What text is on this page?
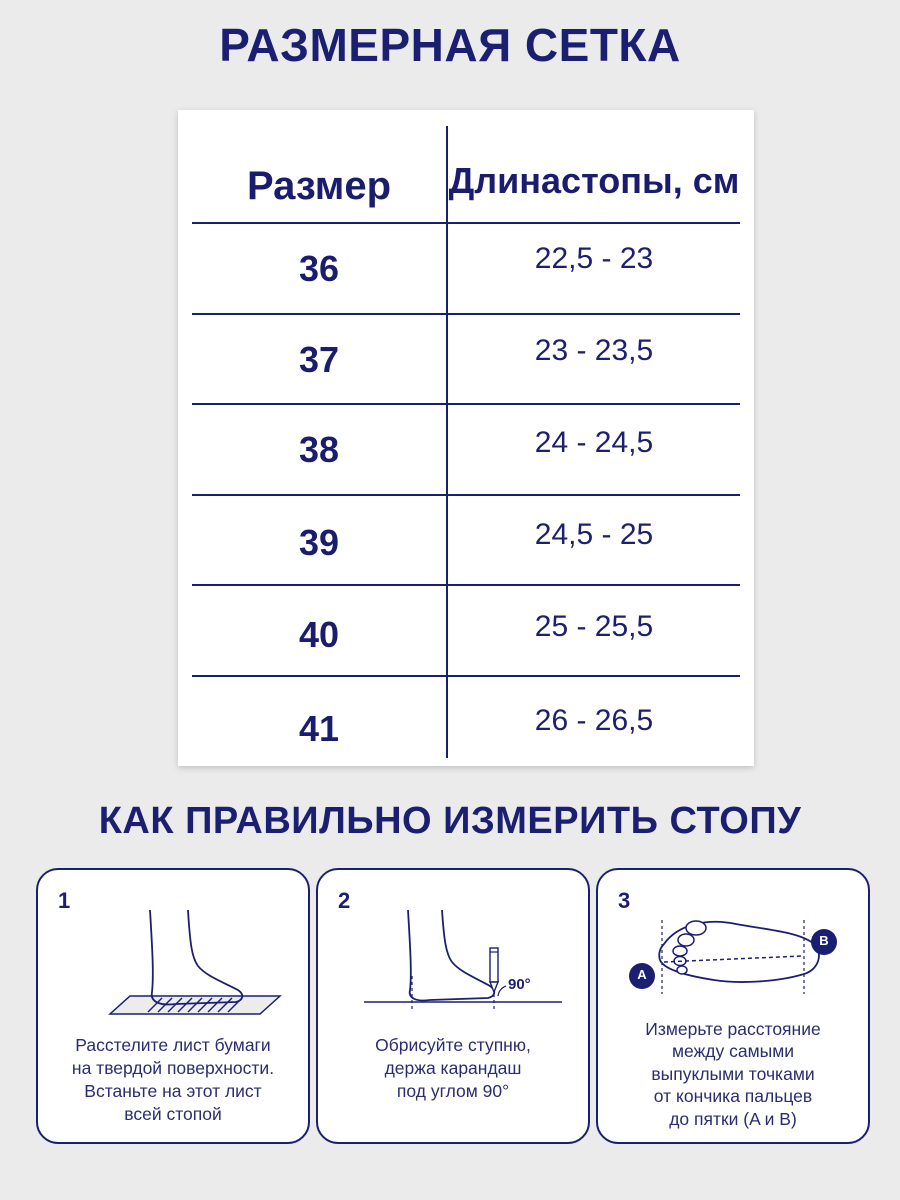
РАЗМЕРНАЯ СЕТКА
Размер	Длина стопы, см
36	22,5 - 23
37	23 - 23,5
38	24 - 24,5
39	24,5 - 25
40	25 - 25,5
41	26 - 26,5
КАК ПРАВИЛЬНО ИЗМЕРИТЬ СТОПУ
1
Расстелите лист бумаги
на твердой поверхности.
Встаньте на этот лист
всей стопой
2
90°
Обрисуйте ступню,
держа карандаш
под углом 90°
3
A
B
Измерьте расстояние
между самыми
выпуклыми точками
от кончика пальцев
до пятки (A и B)
